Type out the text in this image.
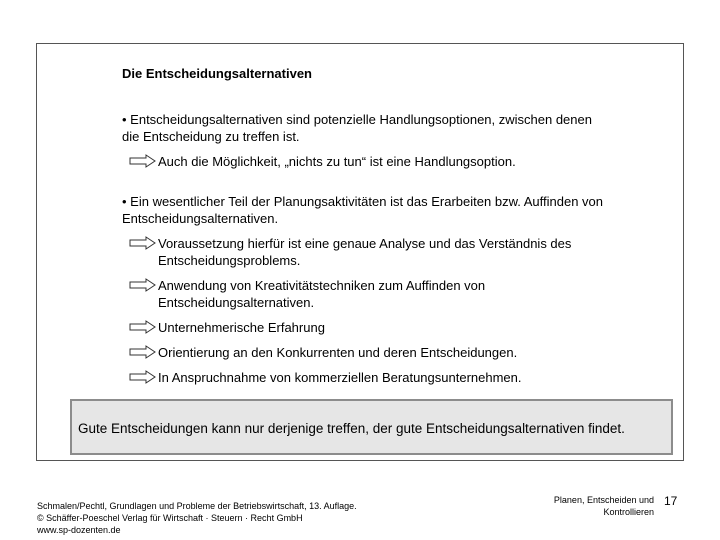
Die Entscheidungsalternativen
• Entscheidungsalternativen sind potenzielle Handlungsoptionen, zwischen denen die Entscheidung zu treffen ist.
Auch die Möglichkeit, „nichts zu tun“ ist eine Handlungsoption.
• Ein wesentlicher Teil der Planungsaktivitäten ist das Erarbeiten bzw. Auffinden von Entscheidungsalternativen.
Voraussetzung hierfür ist eine genaue Analyse und das Verständnis des Entscheidungsproblems.
Anwendung von Kreativitätstechniken zum Auffinden von Entscheidungsalternativen.
Unternehmerische Erfahrung
Orientierung an den Konkurrenten und deren Entscheidungen.
In Anspruchnahme von kommerziellen Beratungsunternehmen.
Gute Entscheidungen kann nur derjenige treffen, der gute Entscheidungsalternativen findet.
Schmalen/Pechtl, Grundlagen und Probleme der Betriebswirtschaft, 13. Auflage.
© Schäffer-Poeschel Verlag für Wirtschaft · Steuern · Recht GmbH
www.sp-dozenten.de
Planen, Entscheiden und
Kontrollieren
17
